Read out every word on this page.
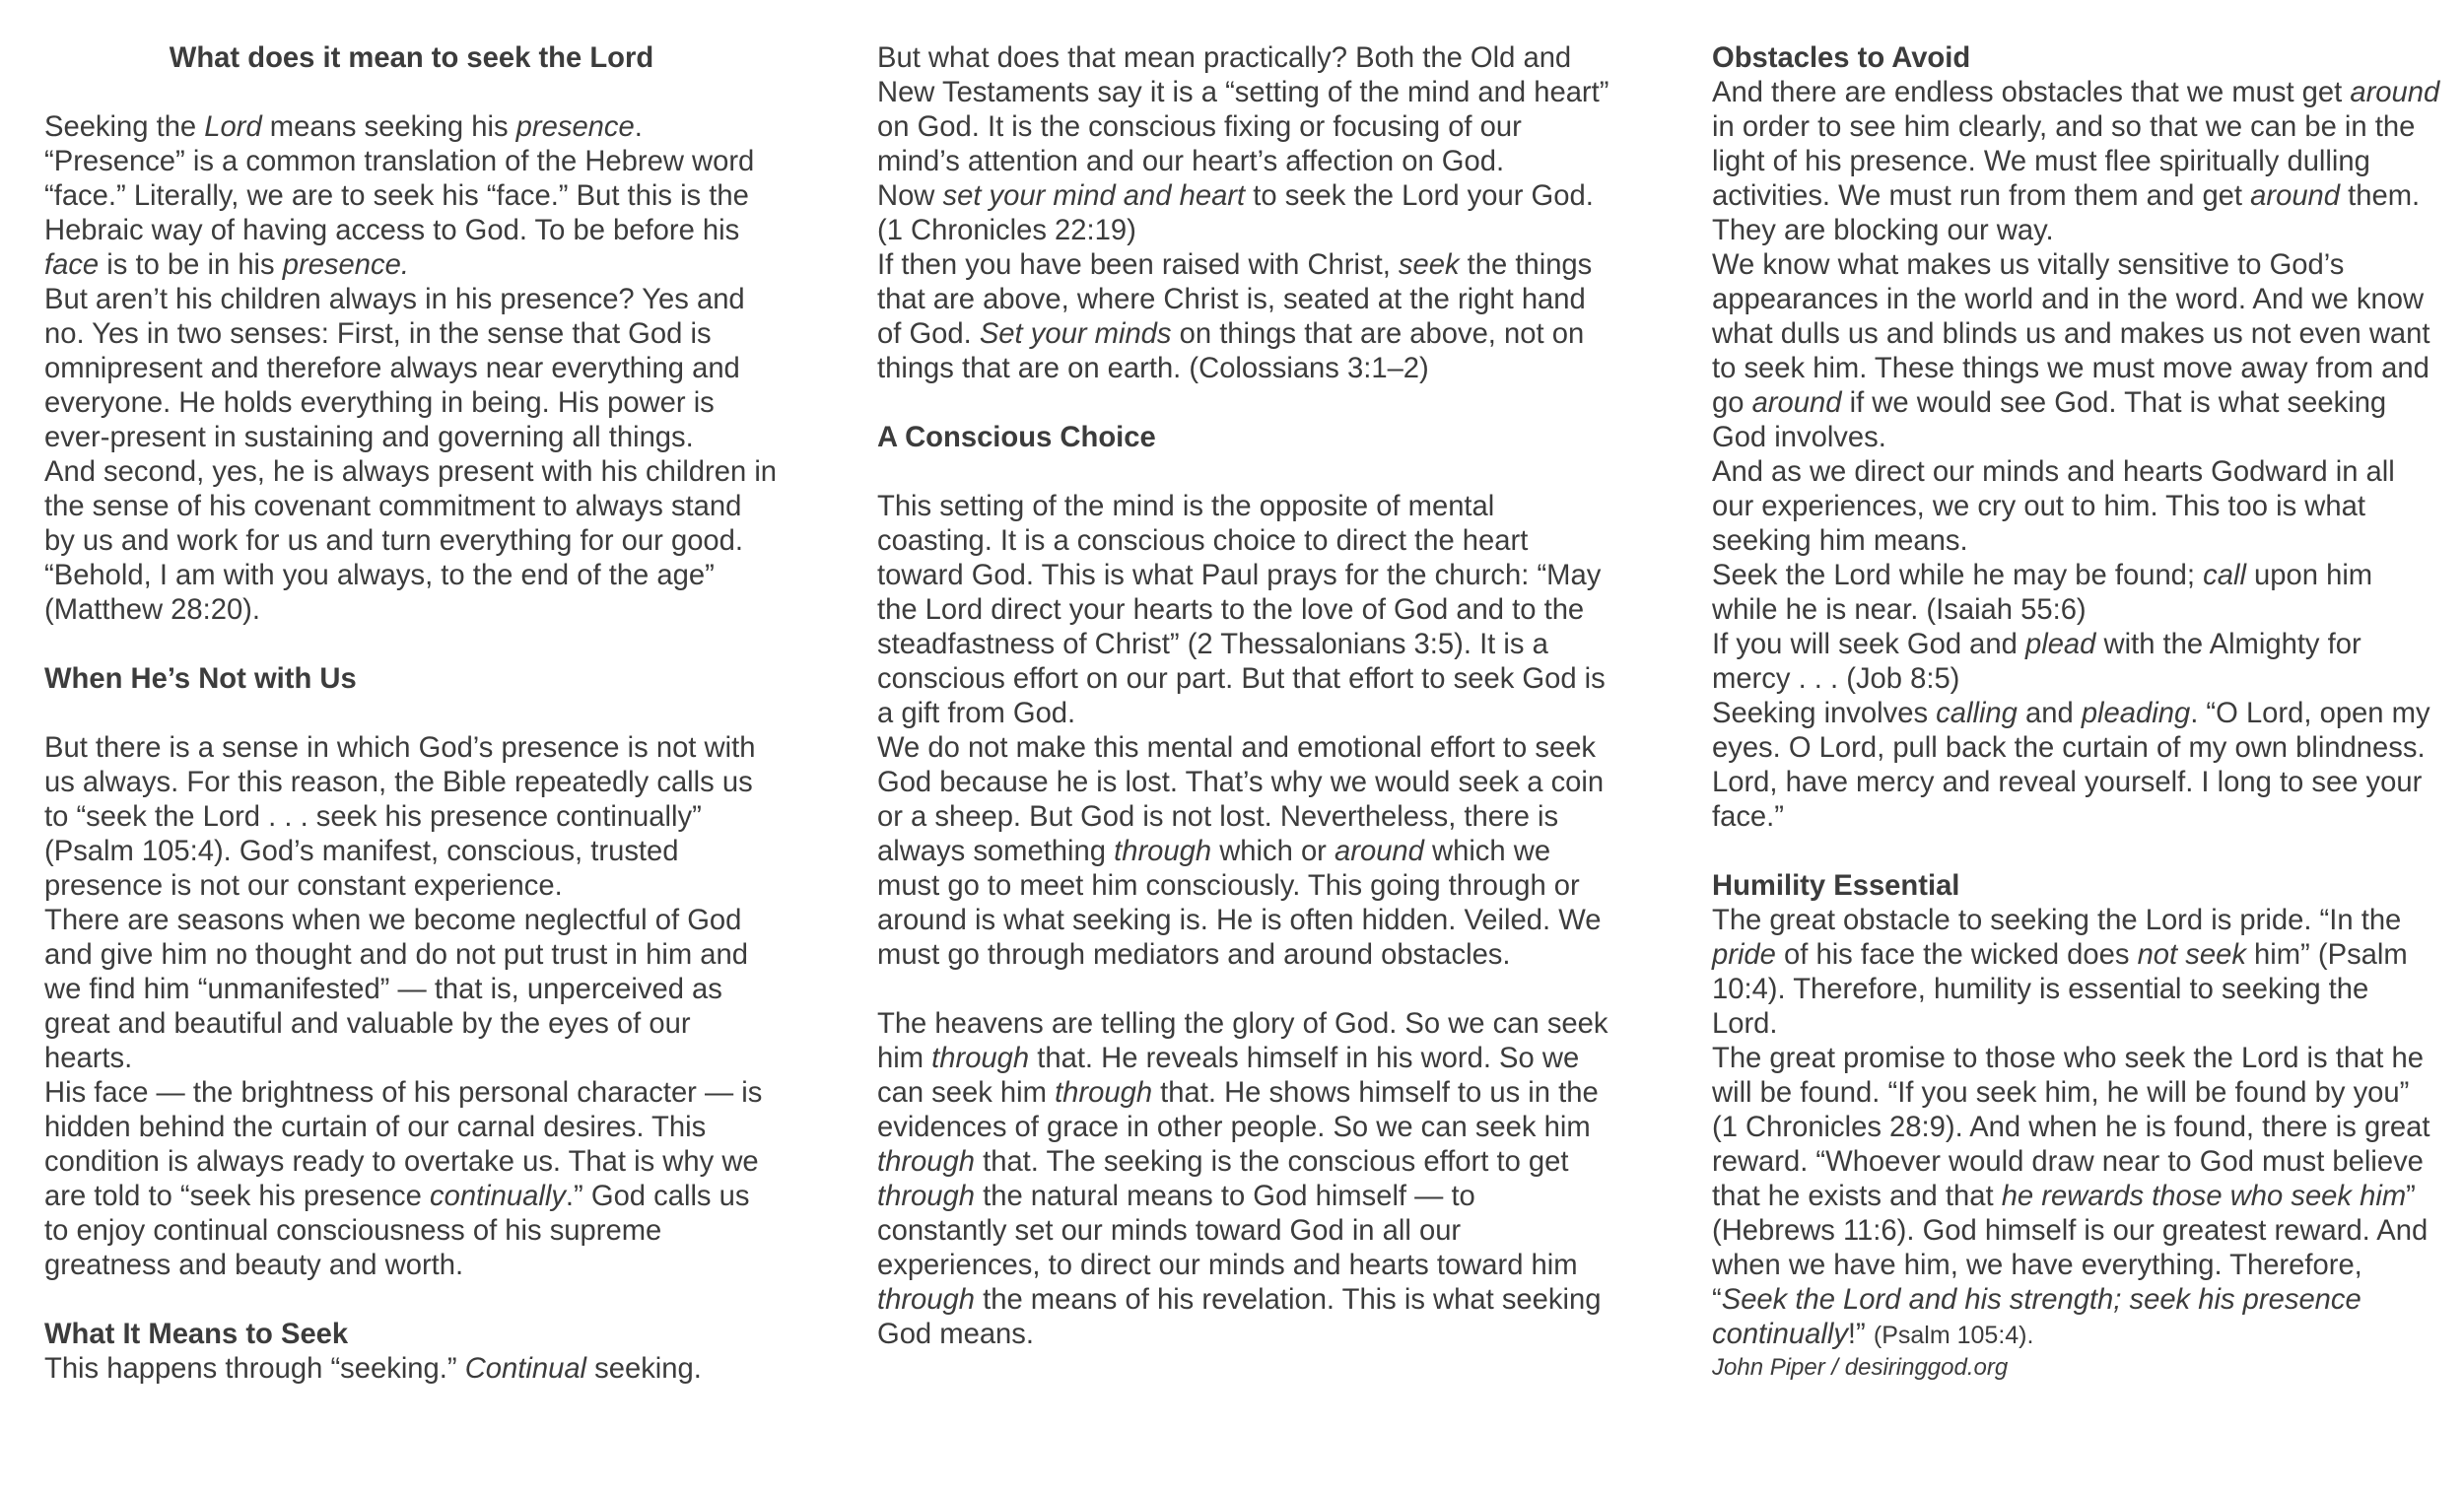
What does it mean to seek the Lord

Seeking the Lord means seeking his presence. “Presence” is a common translation of the Hebrew word “face.” Literally, we are to seek his “face.” But this is the Hebraic way of having access to God. To be before his face is to be in his presence.

But aren’t his children always in his presence? Yes and no. Yes in two senses: First, in the sense that God is omnipresent and therefore always near everything and everyone. He holds everything in being. His power is ever-present in sustaining and governing all things.

And second, yes, he is always present with his children in the sense of his covenant commitment to always stand by us and work for us and turn everything for our good. “Behold, I am with you always, to the end of the age” (Matthew 28:20).

When He’s Not with Us

But there is a sense in which God’s presence is not with us always. For this reason, the Bible repeatedly calls us to “seek the Lord . . . seek his presence continually” (Psalm 105:4). God’s manifest, conscious, trusted presence is not our constant experience.

There are seasons when we become neglectful of God and give him no thought and do not put trust in him and we find him “unmanifested” — that is, unperceived as great and beautiful and valuable by the eyes of our hearts.

His face — the brightness of his personal character — is hidden behind the curtain of our carnal desires. This condition is always ready to overtake us. That is why we are told to “seek his presence continually.” God calls us to enjoy continual consciousness of his supreme greatness and beauty and worth.

What It Means to Seek

This happens through “seeking.” Continual seeking.

But what does that mean practically? Both the Old and New Testaments say it is a “setting of the mind and heart” on God. It is the conscious fixing or focusing of our mind’s attention and our heart’s affection on God.

Now set your mind and heart to seek the Lord your God. (1 Chronicles 22:19)

If then you have been raised with Christ, seek the things that are above, where Christ is, seated at the right hand of God. Set your minds on things that are above, not on things that are on earth. (Colossians 3:1–2)

A Conscious Choice

This setting of the mind is the opposite of mental coasting. It is a conscious choice to direct the heart toward God. This is what Paul prays for the church: “May the Lord direct your hearts to the love of God and to the steadfastness of Christ” (2 Thessalonians 3:5). It is a conscious effort on our part. But that effort to seek God is a gift from God.

We do not make this mental and emotional effort to seek God because he is lost. That’s why we would seek a coin or a sheep. But God is not lost. Nevertheless, there is always something through which or around which we must go to meet him consciously. This going through or around is what seeking is. He is often hidden. Veiled. We must go through mediators and around obstacles.

The heavens are telling the glory of God. So we can seek him through that. He reveals himself in his word. So we can seek him through that. He shows himself to us in the evidences of grace in other people. So we can seek him through that. The seeking is the conscious effort to get through the natural means to God himself — to constantly set our minds toward God in all our experiences, to direct our minds and hearts toward him through the means of his revelation. This is what seeking God means.

Obstacles to Avoid

And there are endless obstacles that we must get around in order to see him clearly, and so that we can be in the light of his presence. We must flee spiritually dulling activities. We must run from them and get around them. They are blocking our way.

We know what makes us vitally sensitive to God’s appearances in the world and in the word. And we know what dulls us and blinds us and makes us not even want to seek him. These things we must move away from and go around if we would see God. That is what seeking God involves.

And as we direct our minds and hearts Godward in all our experiences, we cry out to him. This too is what seeking him means.

Seek the Lord while he may be found; call upon him while he is near. (Isaiah 55:6)

If you will seek God and plead with the Almighty for mercy . . . (Job 8:5)

Seeking involves calling and pleading. “O Lord, open my eyes. O Lord, pull back the curtain of my own blindness. Lord, have mercy and reveal yourself. I long to see your face.”

Humility Essential

The great obstacle to seeking the Lord is pride. “In the pride of his face the wicked does not seek him” (Psalm 10:4). Therefore, humility is essential to seeking the Lord.

The great promise to those who seek the Lord is that he will be found. “If you seek him, he will be found by you” (1 Chronicles 28:9). And when he is found, there is great reward. “Whoever would draw near to God must believe that he exists and that he rewards those who seek him” (Hebrews 11:6). God himself is our greatest reward. And when we have him, we have everything. Therefore, “Seek the Lord and his strength; seek his presence continually!” (Psalm 105:4).

John Piper / desiringgod.org
